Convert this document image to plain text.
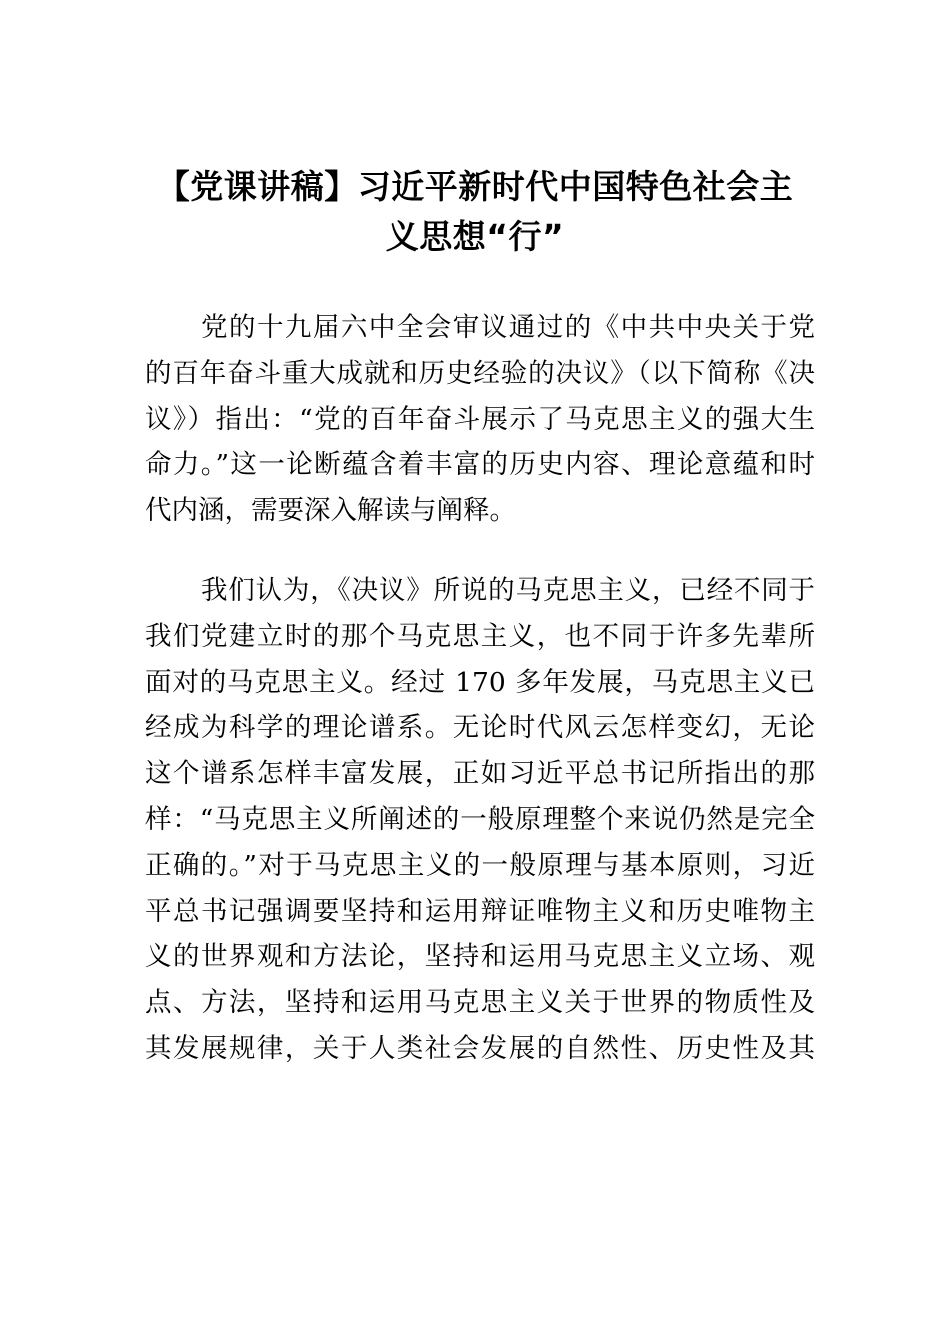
【党课讲稿】习近平新时代中国特色社会主
义思想“行”
党的十九届六中全会审议通过的《中共中央关于党
的百年奋斗重大成就和历史经验的决议》（以下简称《决
议》）指出：“党的百年奋斗展示了马克思主义的强大生
命力。”这一论断蕴含着丰富的历史内容、理论意蕴和时
代内涵，需要深入解读与阐释。
我们认为，《决议》所说的马克思主义，已经不同于
我们党建立时的那个马克思主义，也不同于许多先辈所
面对的马克思主义。经过 170 多年发展，马克思主义已
经成为科学的理论谱系。无论时代风云怎样变幻，无论
这个谱系怎样丰富发展，正如习近平总书记所指出的那
样：“马克思主义所阐述的一般原理整个来说仍然是完全
正确的。”对于马克思主义的一般原理与基本原则，习近
平总书记强调要坚持和运用辩证唯物主义和历史唯物主
义的世界观和方法论，坚持和运用马克思主义立场、观
点、方法，坚持和运用马克思主义关于世界的物质性及
其发展规律，关于人类社会发展的自然性、历史性及其
